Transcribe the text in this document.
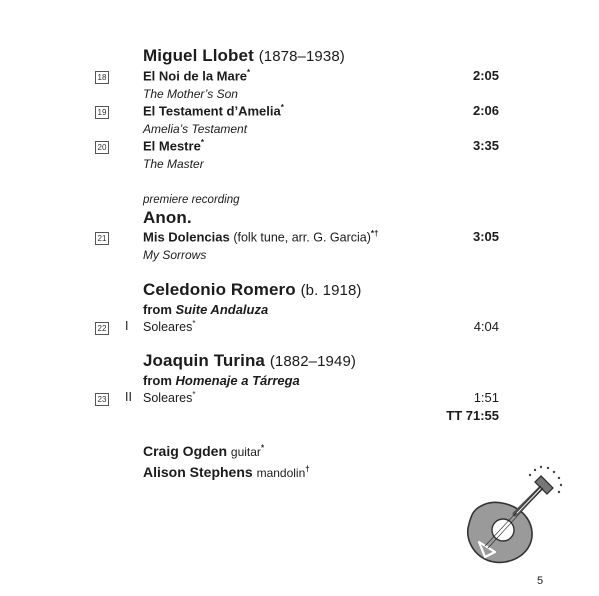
Miguel Llobet (1878–1938)
18	El Noi de la Mare*	2:05
The Mother’s Son
19	El Testament d’Amelia*	2:06
Amelia’s Testament
20	El Mestre*	3:35
The Master
premiere recording
Anon.
21	Mis Dolencias (folk tune, arr. G. Garcia)*†	3:05
My Sorrows
Celedonio Romero (b. 1918)
from Suite Andaluza
22 I Soleares*	4:04
Joaquin Turina (1882–1949)
from Homenaje a Tárrega
23 II Soleares*	1:51
TT 71:55
Craig Ogden guitar*
Alison Stephens mandolin†
5
